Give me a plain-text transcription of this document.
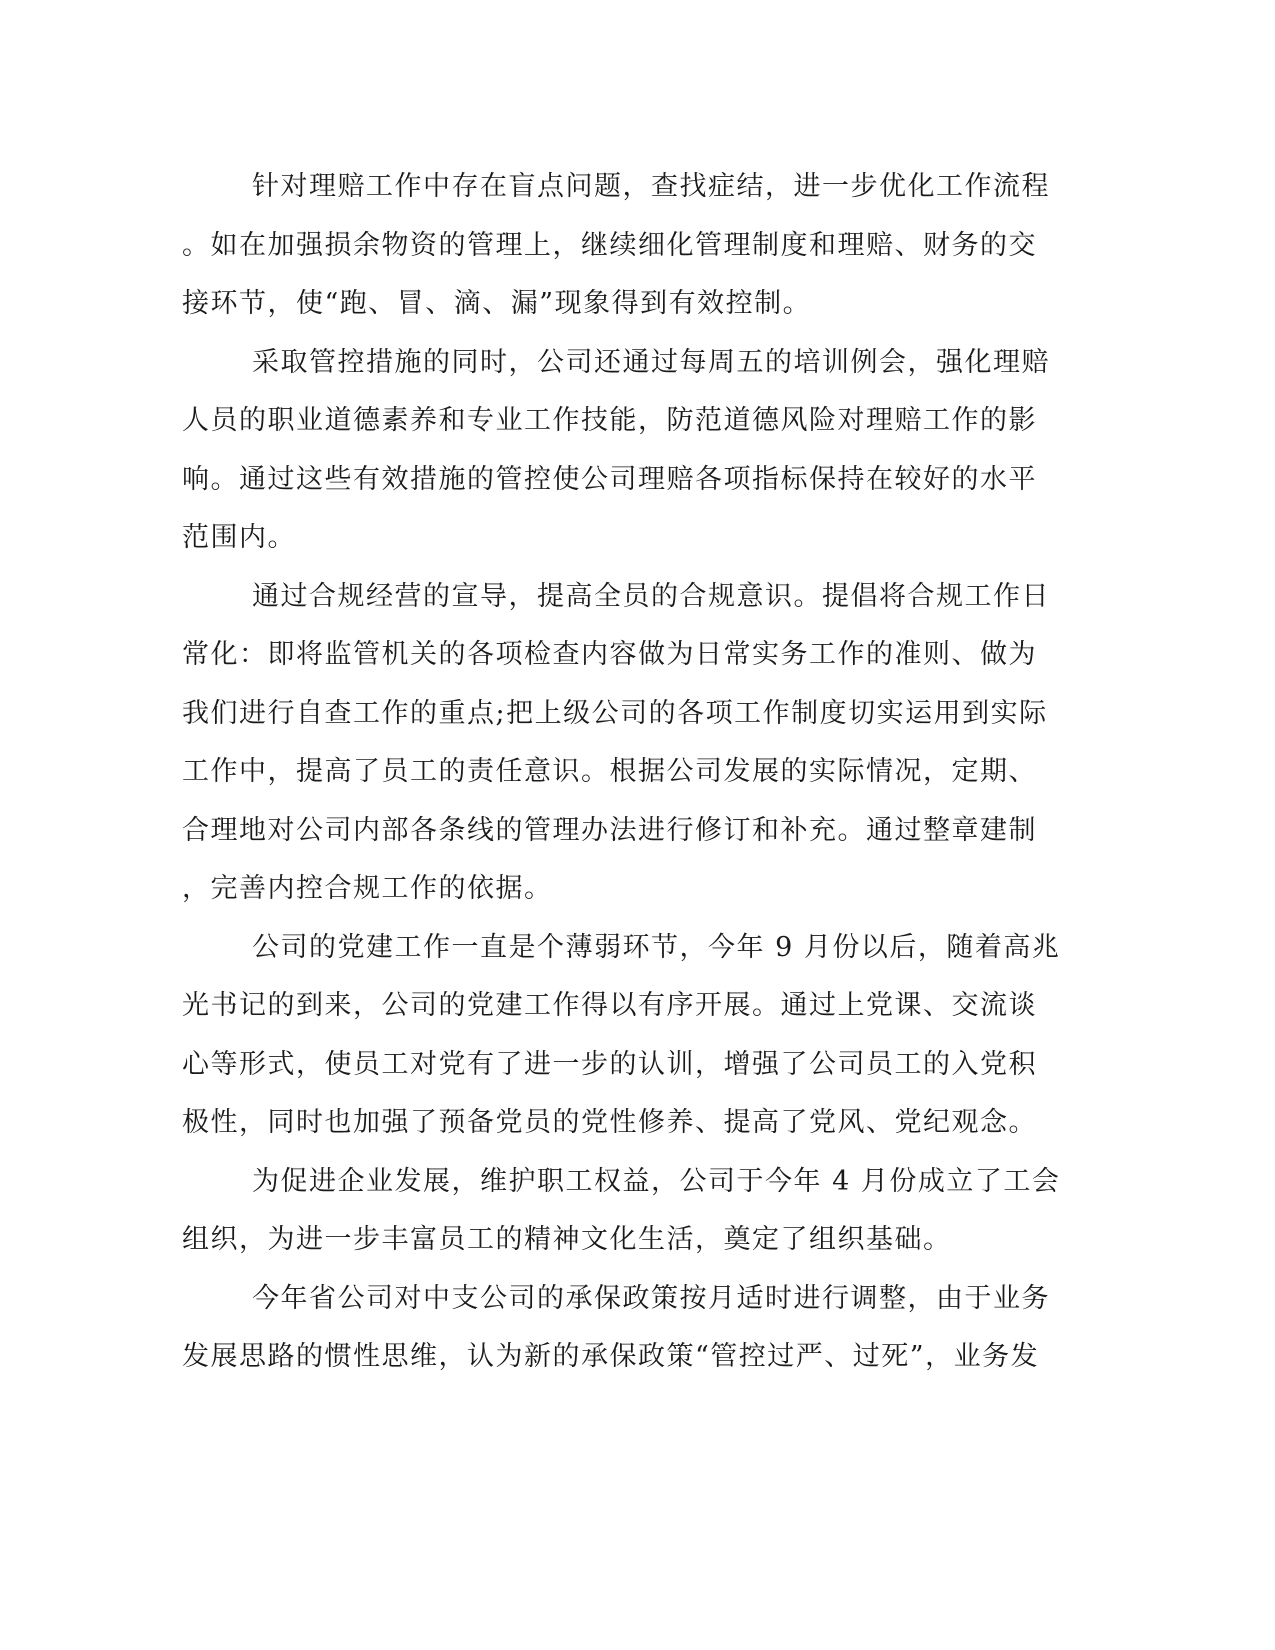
针对理赔工作中存在盲点问题，查找症结，进一步优化工作流程
。如在加强损余物资的管理上，继续细化管理制度和理赔、财务的交
接环节，使“跑、冒、滴、漏”现象得到有效控制。
采取管控措施的同时，公司还通过每周五的培训例会，强化理赔
人员的职业道德素养和专业工作技能，防范道德风险对理赔工作的影
响。通过这些有效措施的管控使公司理赔各项指标保持在较好的水平
范围内。
通过合规经营的宣导，提高全员的合规意识。提倡将合规工作日
常化：即将监管机关的各项检查内容做为日常实务工作的准则、做为
我们进行自查工作的重点;把上级公司的各项工作制度切实运用到实际
工作中，提高了员工的责任意识。根据公司发展的实际情况，定期、
合理地对公司内部各条线的管理办法进行修订和补充。通过整章建制
，完善内控合规工作的依据。
公司的党建工作一直是个薄弱环节，今年 9 月份以后，随着高兆
光书记的到来，公司的党建工作得以有序开展。通过上党课、交流谈
心等形式，使员工对党有了进一步的认训，增强了公司员工的入党积
极性，同时也加强了预备党员的党性修养、提高了党风、党纪观念。
为促进企业发展，维护职工权益，公司于今年 4 月份成立了工会
组织，为进一步丰富员工的精神文化生活，奠定了组织基础。
今年省公司对中支公司的承保政策按月适时进行调整，由于业务
发展思路的惯性思维，认为新的承保政策“管控过严、过死”，业务发
